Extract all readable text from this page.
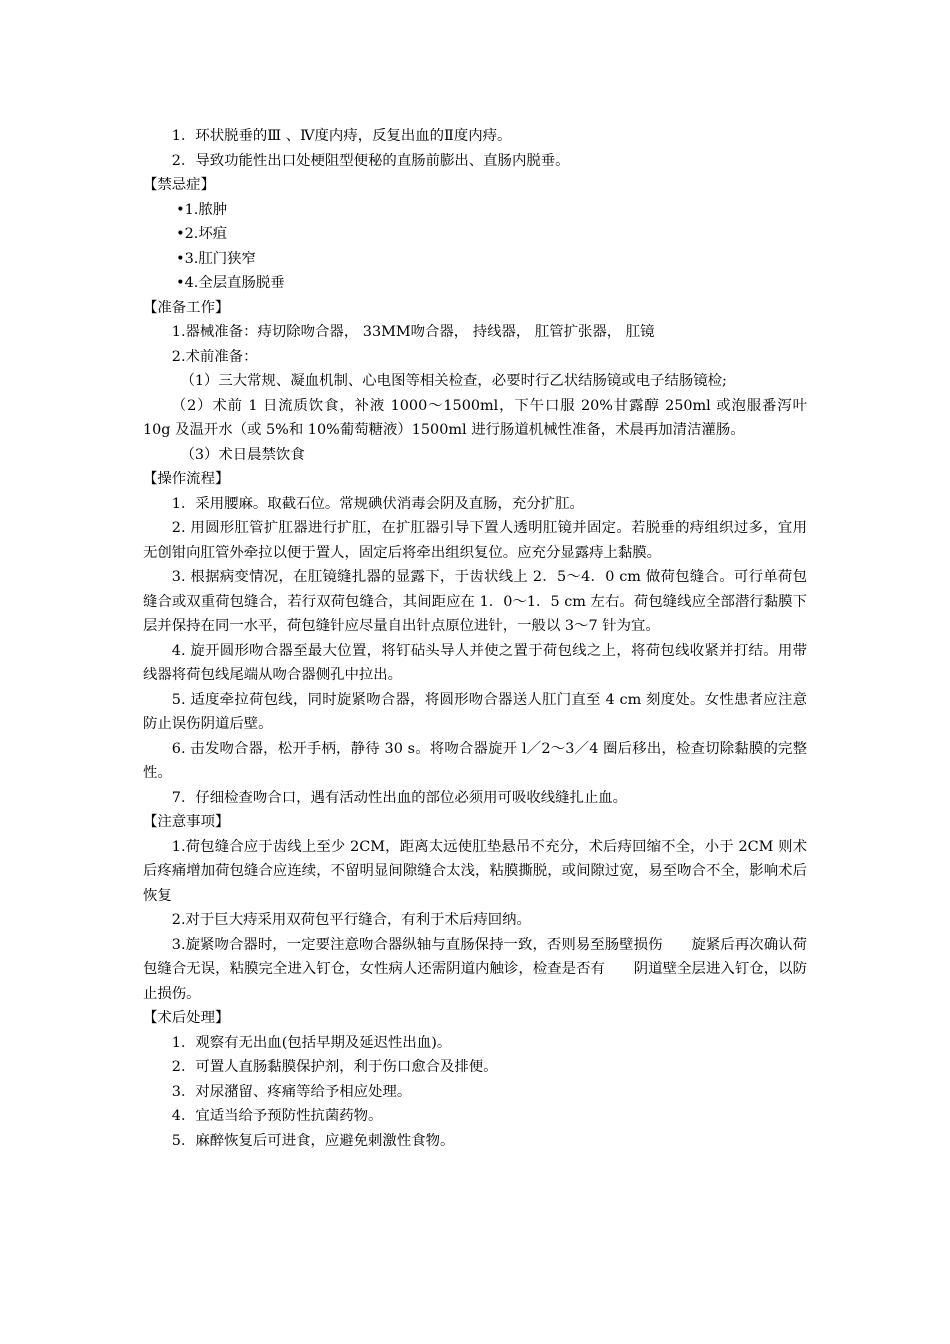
1．环状脱垂的Ⅲ 、Ⅳ度内痔，反复出血的Ⅱ度内痔。

2．导致功能性出口处梗阻型便秘的直肠前膨出、直肠内脱垂。

【禁忌症】

•1.脓肿

•2.坏疽

•3.肛门狭窄

•4.全层直肠脱垂

【准备工作】

1.器械准备：痔切除吻合器， 33MM吻合器， 持线器， 肛管扩张器， 肛镜

2.术前准备：

（1）三大常规、凝血机制、心电图等相关检查，必要时行乙状结肠镜或电子结肠镜检;

（2）术前 1 日流质饮食，补液 1000～1500ml，下午口服 20%甘露醇 250ml 或泡服番泻叶 10g 及温开水（或 5%和 10%葡萄糖液）1500ml 进行肠道机械性准备，术晨再加清洁灌肠。

（3）术日晨禁饮食

【操作流程】

1．采用腰麻。取截石位。常规碘伏消毒会阴及直肠，充分扩肛。

2. 用圆形肛管扩肛器进行扩肛，在扩肛器引导下置人透明肛镜并固定。若脱垂的痔组织过多，宜用无创钳向肛管外牵拉以便于置人，固定后将牵出组织复位。应充分显露痔上黏膜。

3. 根据病变情况，在肛镜缝扎器的显露下，于齿状线上 2．5～4．0 cm 做荷包缝合。可行单荷包缝合或双重荷包缝合，若行双荷包缝合，其间距应在 1．0～1．5 cm 左右。荷包缝线应全部潜行黏膜下层并保持在同一水平，荷包缝针应尽量自出针点原位进针，一般以 3～7 针为宜。

4. 旋开圆形吻合器至最大位置，将钉砧头导人并使之置于荷包线之上，将荷包线收紧并打结。用带线器将荷包线尾端从吻合器侧孔中拉出。

5. 适度牵拉荷包线，同时旋紧吻合器，将圆形吻合器送人肛门直至 4 cm 刻度处。女性患者应注意防止误伤阴道后壁。

6. 击发吻合器，松开手柄，静待 30 s。将吻合器旋开 l／2～3／4 圈后移出，检查切除黏膜的完整性。

7．仔细检查吻合口，遇有活动性出血的部位必须用可吸收线缝扎止血。

【注意事项】

1.荷包缝合应于齿线上至少 2CM，距离太远使肛垫悬吊不充分，术后痔回缩不全，小于 2CM 则术后疼痛增加荷包缝合应连续，不留明显间隙缝合太浅，粘膜撕脱，或间隙过宽，易至吻合不全，影响术后恢复

2.对于巨大痔采用双荷包平行缝合，有利于术后痔回纳。

3.旋紧吻合器时，一定要注意吻合器纵轴与直肠保持一致，否则易至肠壁损伤　　旋紧后再次确认荷包缝合无误，粘膜完全进入钉仓，女性病人还需阴道内触诊，检查是否有　　阴道壁全层进入钉仓，以防止损伤。

【术后处理】

1．观察有无出血(包括早期及延迟性出血)。

2．可置人直肠黏膜保护剂，利于伤口愈合及排便。

3．对尿潴留、疼痛等给予相应处理。

4．宜适当给予预防性抗菌药物。

5．麻醉恢复后可进食，应避免刺激性食物。
